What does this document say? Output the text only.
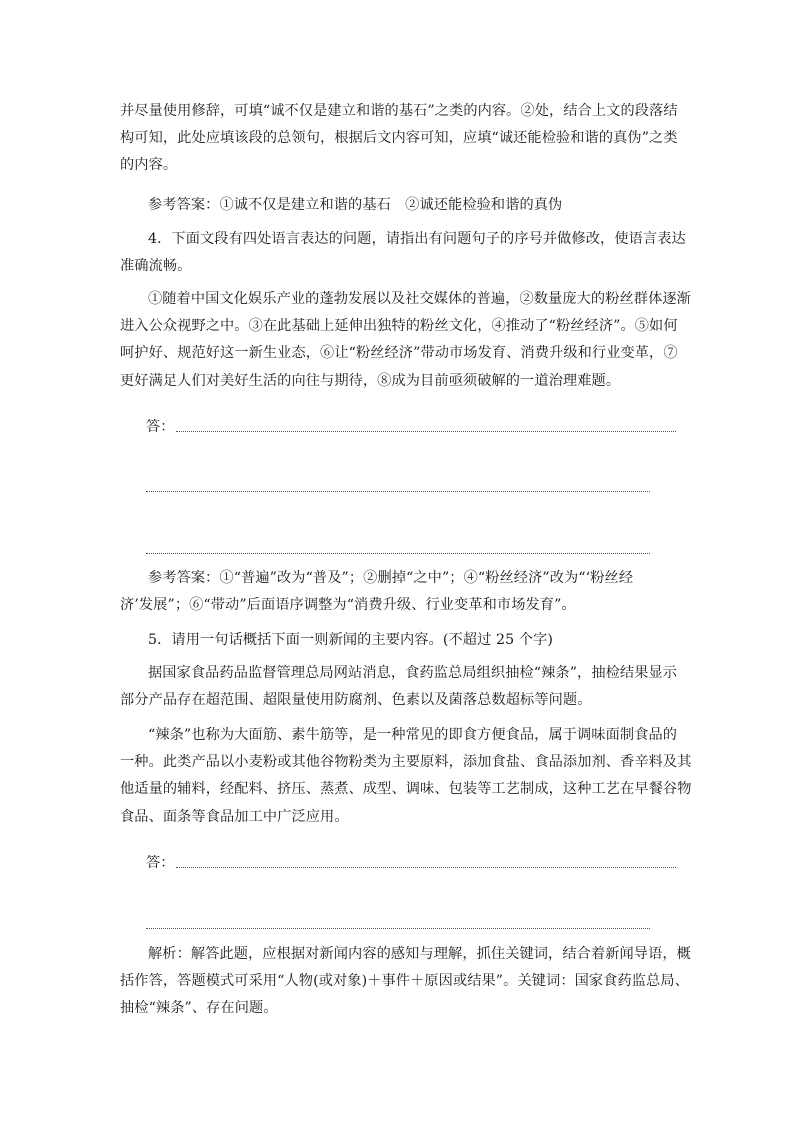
并尽量使用修辞，可填“诚不仅是建立和谐的基石”之类的内容。②处，结合上文的段落结
构可知，此处应填该段的总领句，根据后文内容可知，应填“诚还能检验和谐的真伪”之类
的内容。
参考答案：①诚不仅是建立和谐的基石　②诚还能检验和谐的真伪
4．下面文段有四处语言表达的问题，请指出有问题句子的序号并做修改，使语言表达
准确流畅。
①随着中国文化娱乐产业的蓬勃发展以及社交媒体的普遍，②数量庞大的粉丝群体逐渐
进入公众视野之中。③在此基础上延伸出独特的粉丝文化，④推动了“粉丝经济”。⑤如何
呵护好、规范好这一新生业态，⑥让“粉丝经济”带动市场发育、消费升级和行业变革，⑦
更好满足人们对美好生活的向往与期待，⑧成为目前亟须破解的一道治理难题。
答：
参考答案：①“普遍”改为“普及”；②删掉“之中”；④“粉丝经济”改为“‘粉丝经
济’发展”；⑥“带动”后面语序调整为“消费升级、行业变革和市场发育”。
5．请用一句话概括下面一则新闻的主要内容。(不超过 25 个字)
据国家食品药品监督管理总局网站消息，食药监总局组织抽检“辣条”，抽检结果显示
部分产品存在超范围、超限量使用防腐剂、色素以及菌落总数超标等问题。
“辣条”也称为大面筋、素牛筋等，是一种常见的即食方便食品，属于调味面制食品的
一种。此类产品以小麦粉或其他谷物粉类为主要原料，添加食盐、食品添加剂、香辛料及其
他适量的辅料，经配料、挤压、蒸煮、成型、调味、包装等工艺制成，这种工艺在早餐谷物
食品、面条等食品加工中广泛应用。
答：
解析：解答此题，应根据对新闻内容的感知与理解，抓住关键词，结合着新闻导语，概
括作答，答题模式可采用“人物(或对象)＋事件＋原因或结果”。关键词：国家食药监总局、
抽检“辣条”、存在问题。
